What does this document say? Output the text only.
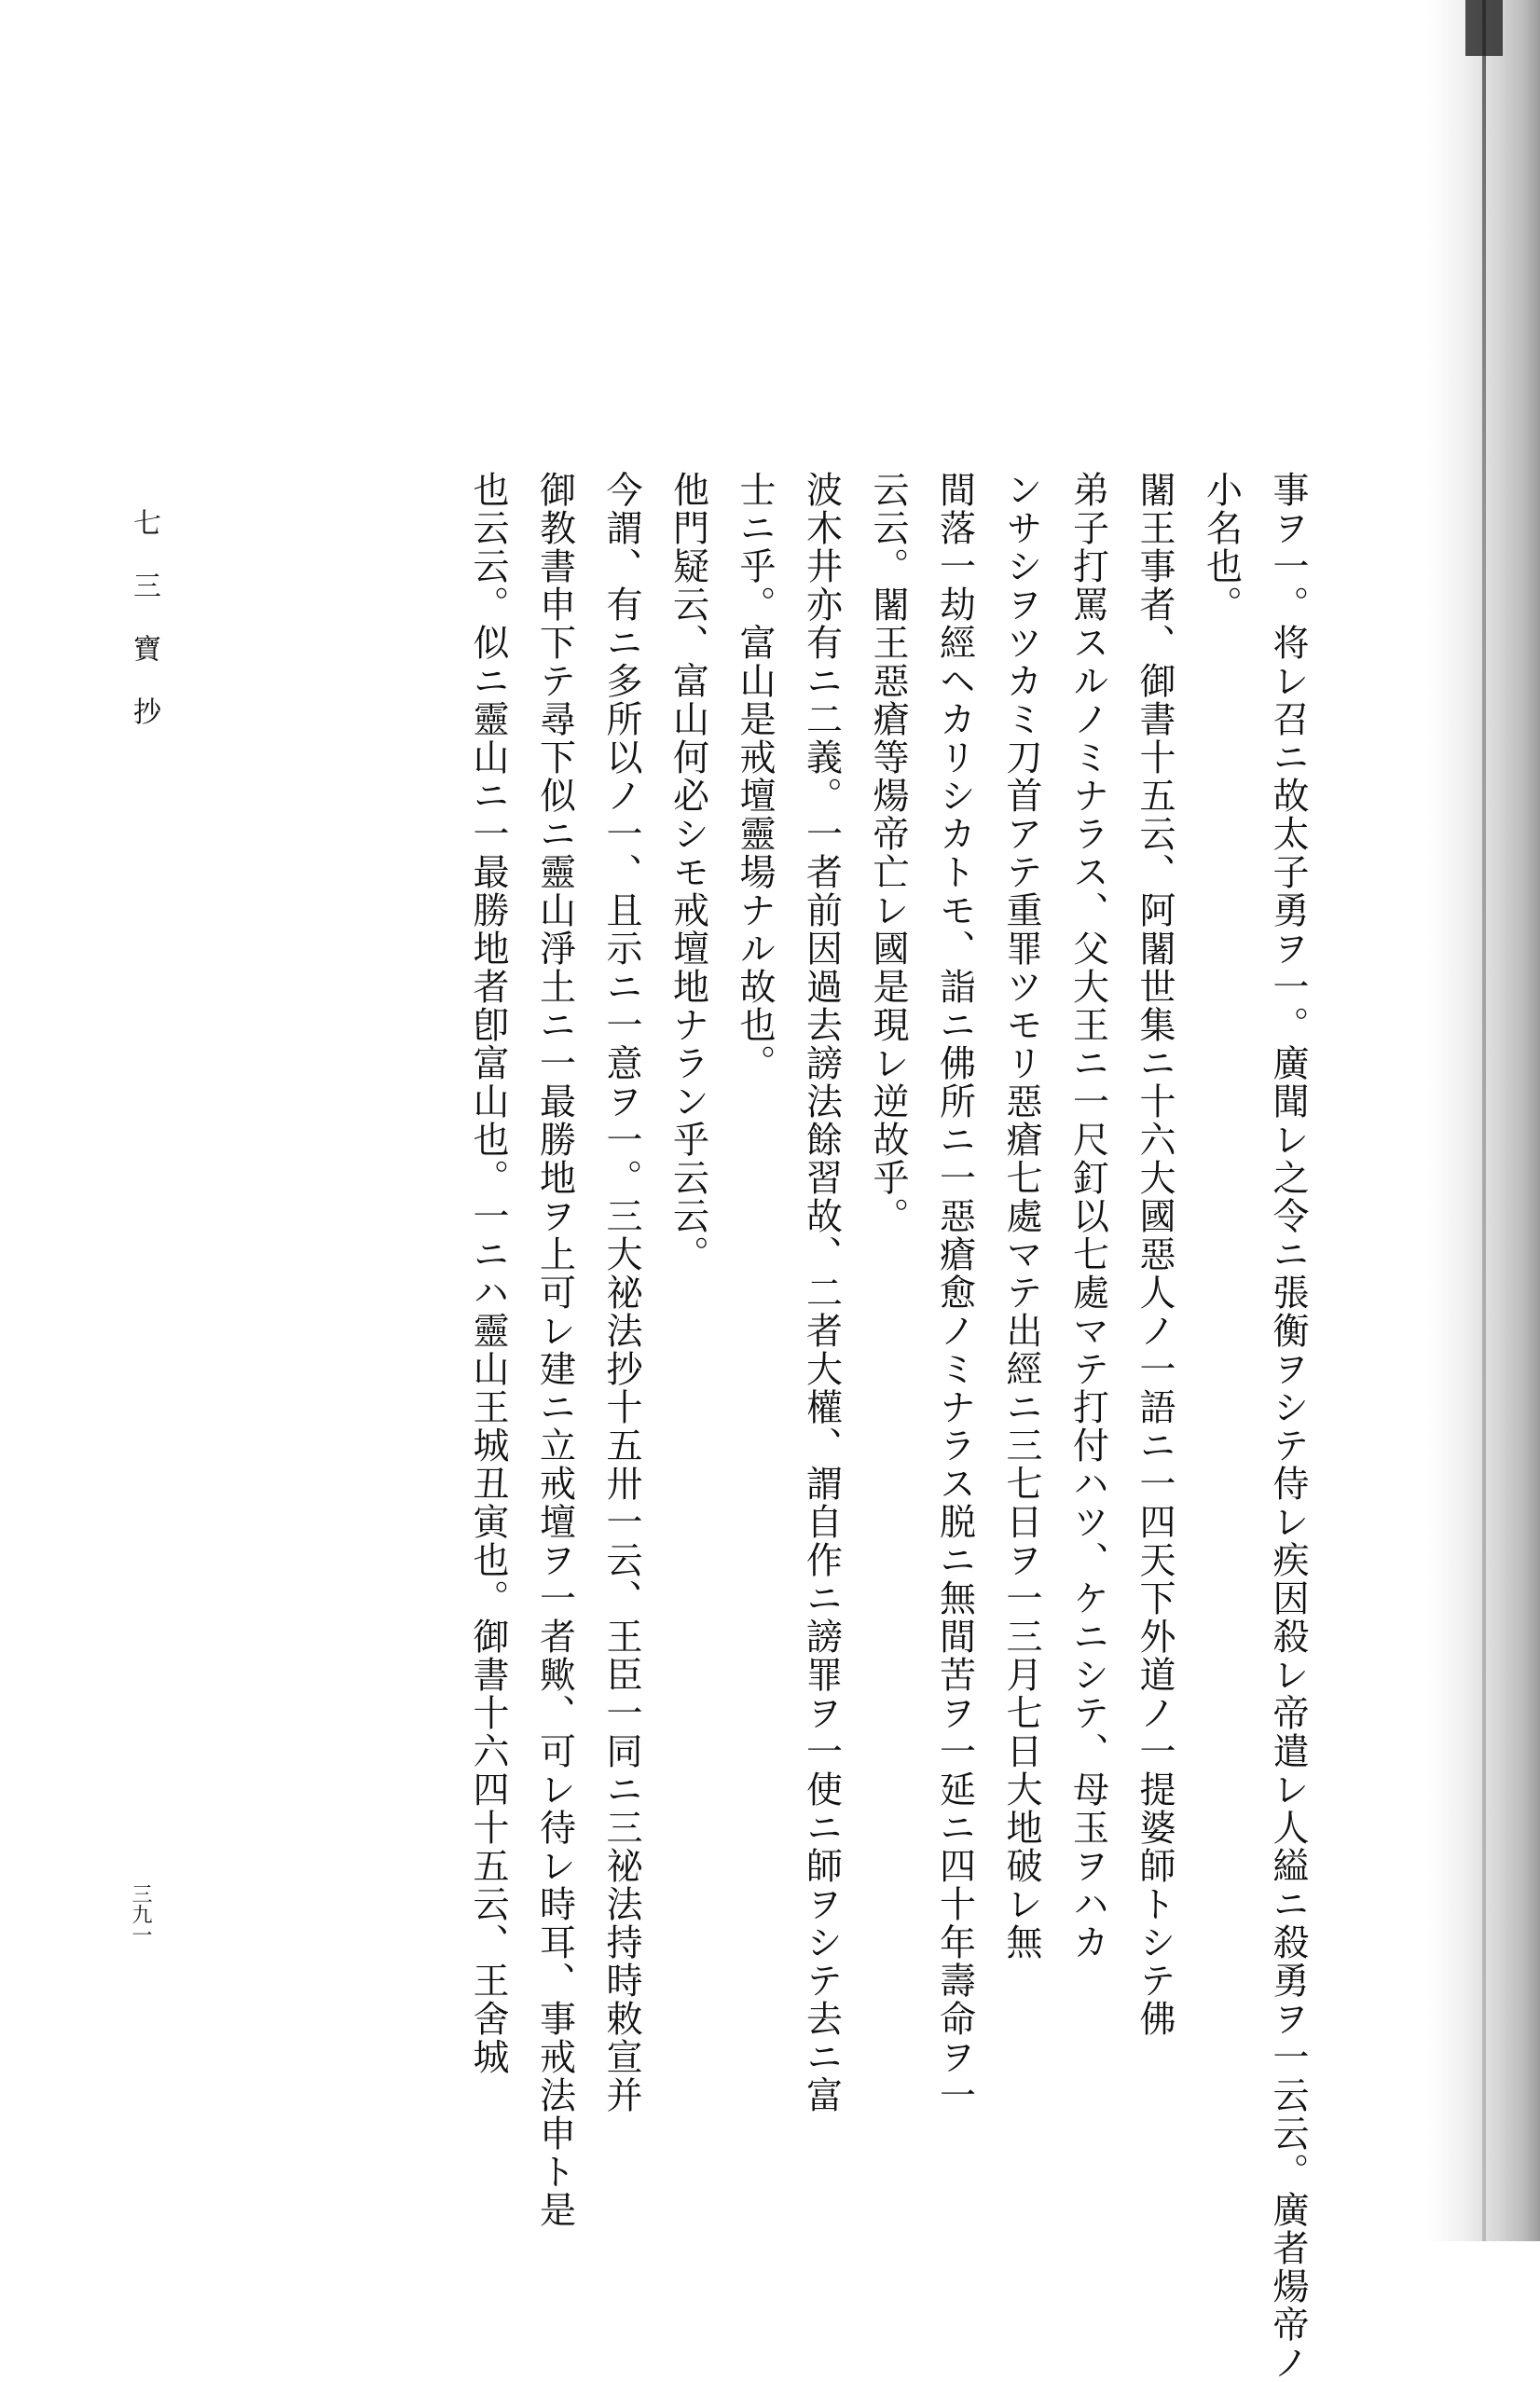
事ヲ一。将レ召ニ故太子勇ヲ一。廣聞レ之令ニ張衡ヲシテ侍レ疾因殺レ帝遣レ人縊ニ殺勇ヲ一云云。廣者煬帝ノ
小名也。
闍王事者、御書十五云、阿闍世集ニ十六大國惡人ノ一語ニ一四天下外道ノ一提婆師トシテ佛
弟子打罵スルノミナラス、父大王ニ一尺釘以七處マテ打付ハツ、ケニシテ、母玉ヲハカ
ンサシヲツカミ刀首アテ重罪ツモリ惡瘡七處マテ出經ニ三七日ヲ一三月七日大地破レ無
間落一劫經ヘカリシカトモ、詣ニ佛所ニ一惡瘡愈ノミナラス脱ニ無間苦ヲ一延ニ四十年壽命ヲ一
云云。闍王惡瘡等煬帝亡レ國是現レ逆故乎。
波木井亦有ニ二義。一者前因過去謗法餘習故、二者大權、謂自作ニ謗罪ヲ一使ニ師ヲシテ去ニ富
士ニ乎。富山是戒壇靈場ナル故也。
他門疑云、富山何必シモ戒壇地ナラン乎云云。
今謂、有ニ多所以ノ一、且示ニ一意ヲ一。三大祕法抄十五卅一云、王臣一同ニ三祕法持時敕宣并
御教書申下テ尋下似ニ靈山淨土ニ一最勝地ヲ上可レ建ニ立戒壇ヲ一者歟、可レ待レ時耳、事戒法申ト是
也云云。似ニ靈山ニ一最勝地者卽富山也。一ニハ靈山王城丑寅也。御書十六四十五云、王舍城
七 三 寶 抄
三九一
